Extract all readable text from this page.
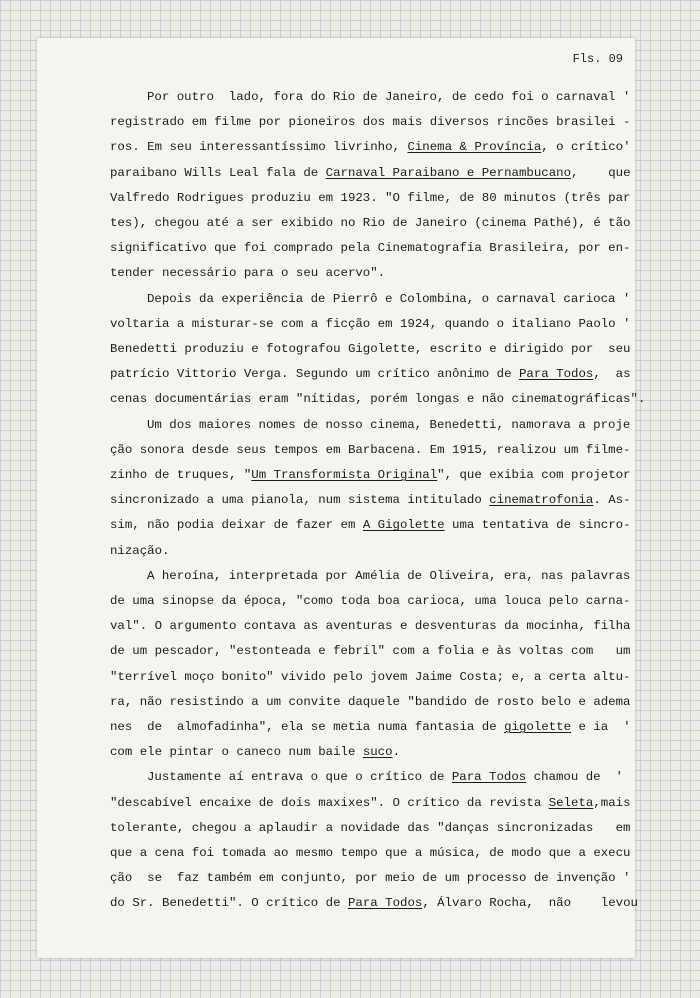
Fls. 09
Por outro  lado, fora do Rio de Janeiro, de cedo foi o carnaval '
registrado em filme por pioneiros dos mais diversos rincões brasilei -
ros. Em seu interessantíssimo livrinho, Cinema & Província, o crítico'
paraibano Wills Leal fala de Carnaval Paraibano e Pernambucano,    que
Valfredo Rodrigues produziu em 1923. "O filme, de 80 minutos (três par
tes), chegou até a ser exibido no Rio de Janeiro (cinema Pathé), é tão
significativo que foi comprado pela Cinematografia Brasileira, por en-
tender necessário para o seu acervo".
Depois da experiência de Pierrô e Colombina, o carnaval carioca '
voltaria a misturar-se com a ficção em 1924, quando o italiano Paolo '
Benedetti produziu e fotografou Gigolette, escrito e dirigido por  seu
patrício Vittorio Verga. Segundo um crítico anônimo de Para Todos,  as
cenas documentárias eram "nítidas, porém longas e não cinematográficas".
Um dos maiores nomes de nosso cinema, Benedetti, namorava a proje
ção sonora desde seus tempos em Barbacena. Em 1915, realizou um filme-
zinho de truques, "Um Transformista Original", que exibia com projetor
sincronizado a uma pianola, num sistema intitulado cinematrofonia. As-
sim, não podia deixar de fazer em A Gigolette uma tentativa de sincro-
nização.
A heroína, interpretada por Amélia de Oliveira, era, nas palavras
de uma sinopse da época, "como toda boa carioca, uma louca pelo carna-
val". O argumento contava as aventuras e desventuras da mocinha, filha
de um pescador, "estonteada e febril" com a folia e às voltas com   um
"terrível moço bonito" vivido pelo jovem Jaime Costa; e, a certa altu-
ra, não resistindo a um convite daquele "bandido de rosto belo e adema
nes  de  almofadinha", ela se metia numa fantasia de gigolette e ia  '
com ele pintar o caneco num baile suco.
Justamente aí entrava o que o crítico de Para Todos chamou de  '
"descabível encaixe de dois maxixes". O crítico da revista Seleta,mais
tolerante, chegou a aplaudir a novidade das "danças sincronizadas   em
que a cena foi tomada ao mesmo tempo que a música, de modo que a execu
ção  se  faz também em conjunto, por meio de um processo de invenção '
do Sr. Benedetti". O crítico de Para Todos, Álvaro Rocha,  não    levou
